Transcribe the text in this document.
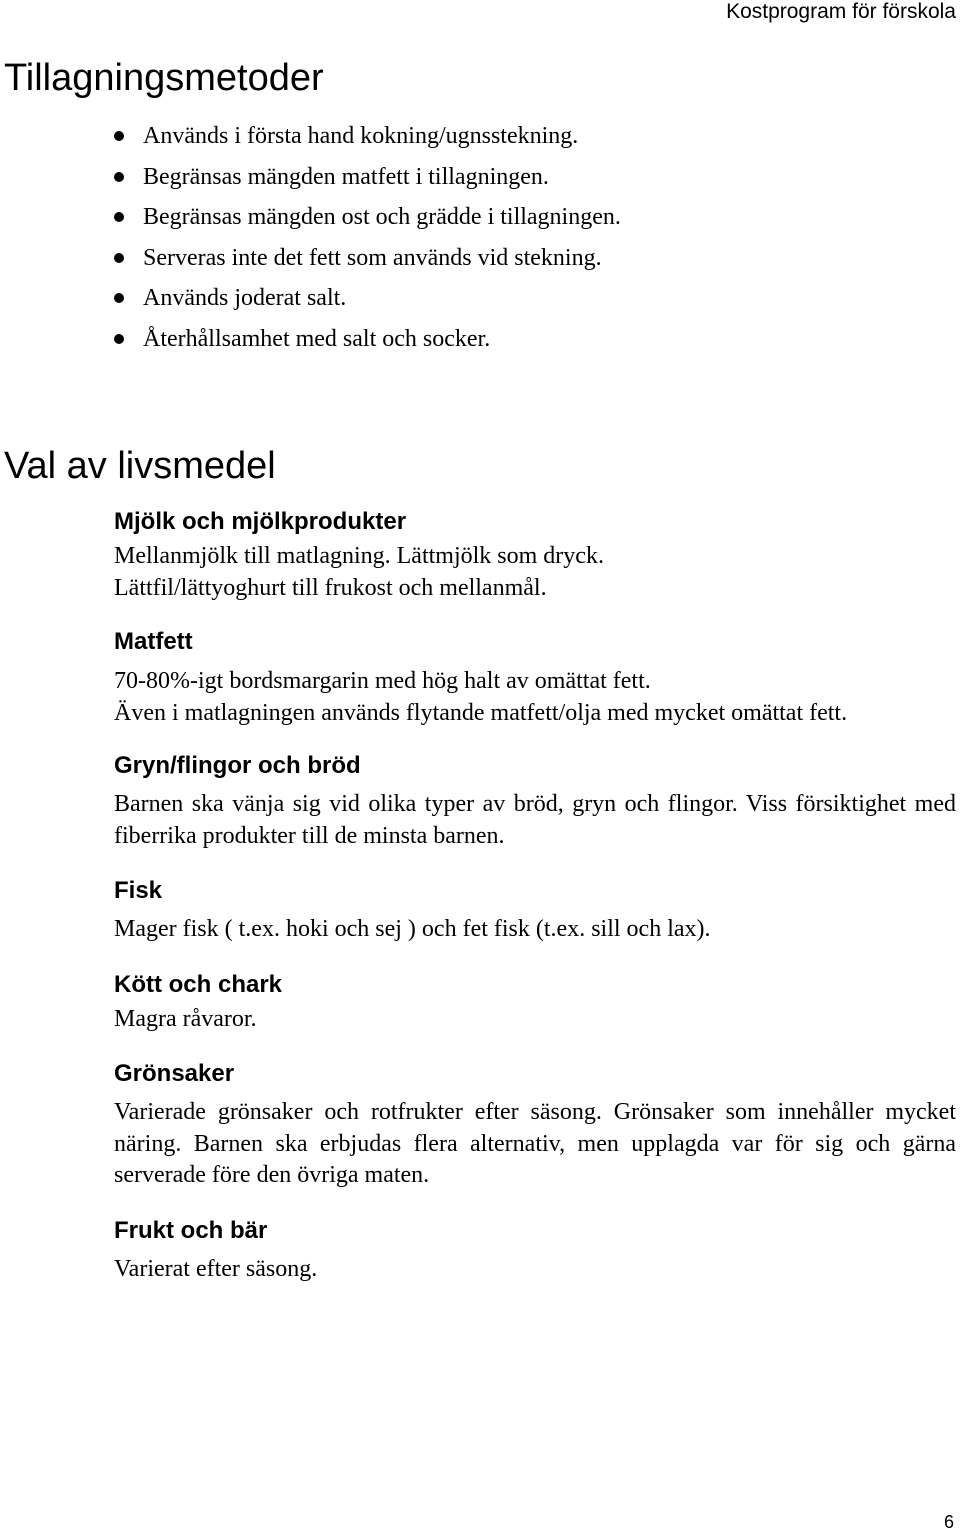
Kostprogram för förskola
Tillagningsmetoder
Används i första hand kokning/ugnsstekning.
Begränsas mängden matfett i tillagningen.
Begränsas mängden ost och grädde i tillagningen.
Serveras inte det fett som används vid stekning.
Används joderat salt.
Återhållsamhet med salt och socker.
Val av livsmedel
Mjölk och mjölkprodukter

Mellanmjölk till matlagning. Lättmjölk som dryck.

Lättfil/lättyoghurt till frukost och mellanmål.

Matfett

70-80%-igt bordsmargarin med hög halt av omättat fett.

Även i matlagningen används flytande matfett/olja med mycket omättat fett.

Gryn/flingor och bröd

Barnen ska vänja sig vid olika typer av bröd, gryn och flingor. Viss försiktighet med fiberrika produkter till de minsta barnen.

Fisk

Mager fisk ( t.ex. hoki och sej ) och fet fisk (t.ex. sill och lax).

Kött och chark

Magra råvaror.

Grönsaker

Varierade grönsaker och rotfrukter efter säsong. Grönsaker som innehåller mycket näring. Barnen ska erbjudas flera alternativ, men upplagda var för sig och gärna serverade före den övriga maten.

Frukt och bär

Varierat efter säsong.

6
